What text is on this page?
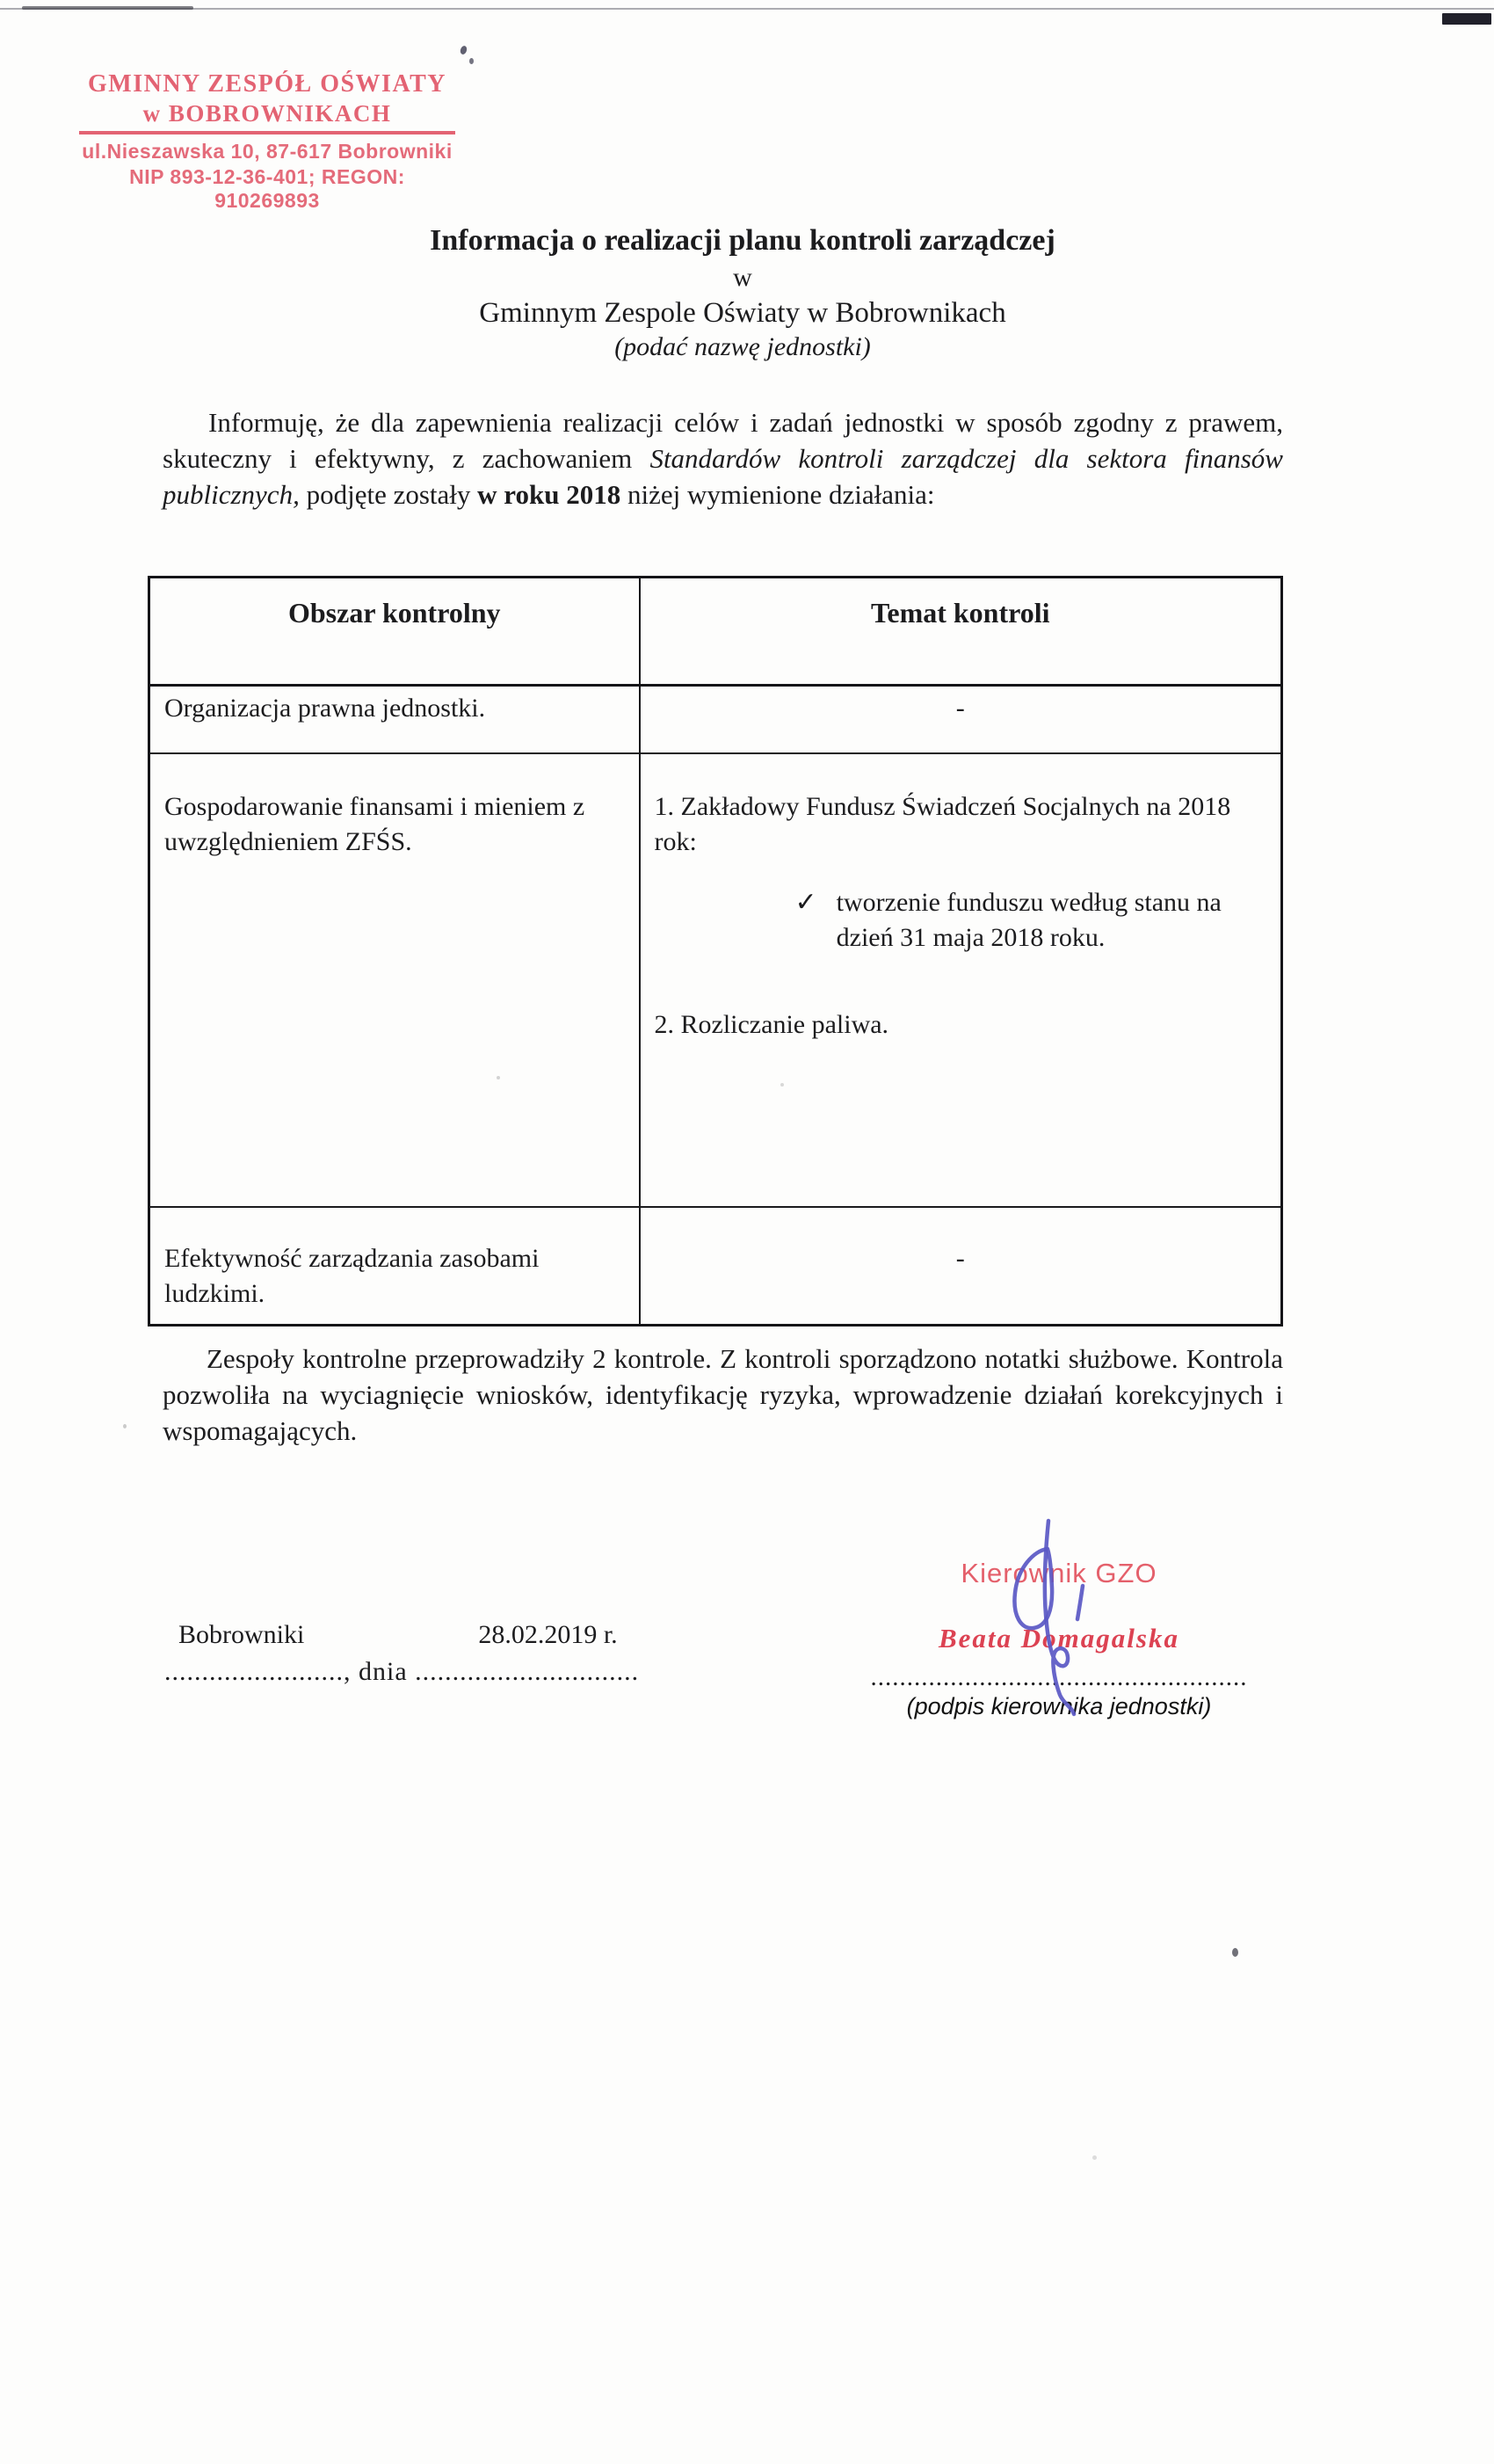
GMINNY ZESPÓŁ OŚWIATY
w BOBROWNIKACH
ul.Nieszawska 10, 87-617 Bobrowniki
NIP 893-12-36-401; REGON: 910269893
Informacja o realizacji planu kontroli zarządczej
w
Gminnym Zespole Oświaty w Bobrownikach
(podać nazwę jednostki)

Informuję, że dla zapewnienia realizacji celów i zadań jednostki w sposób zgodny z prawem, skuteczny i efektywny, z zachowaniem Standardów kontroli zarządczej dla sektora finansów publicznych, podjęte zostały w roku 2018 niżej wymienione działania:

Obszar kontrolny	Temat kontroli
Organizacja prawna jednostki.	-
Gospodarowanie finansami i mieniem z uwzględnieniem ZFŚS.	1. Zakładowy Fundusz Świadczeń Socjalnych na 2018 rok:
✓ tworzenie funduszu według stanu na dzień 31 maja 2018 roku.
2. Rozliczanie paliwa.

Efektywność zarządzania zasobami ludzkimi.	-

Zespoły kontrolne przeprowadziły 2 kontrole. Z kontroli sporządzono notatki służbowe. Kontrola pozwoliła na wyciagnięcie wniosków, identyfikację ryzyka, wprowadzenie działań korekcyjnych i wspomagających.

Bobrowniki	28.02.2019 r.
........................, dnia ..............................
Kierownik GZO
Beata Domagalska
....................................................
(podpis kierownika jednostki)
